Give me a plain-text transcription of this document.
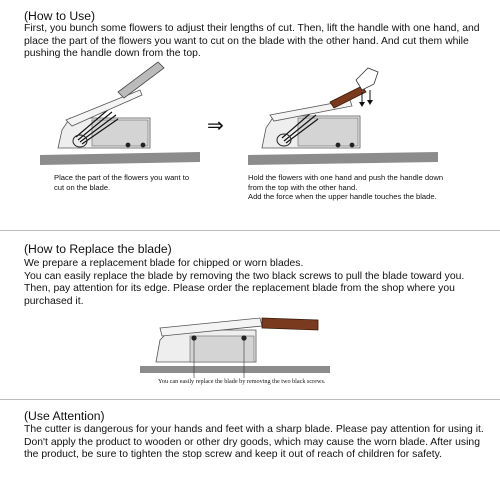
(How to Use)
First, you bunch some flowers to adjust their lengths of cut. Then, lift the handle with one hand, and place the part of the flowers you want to cut on the blade with the other hand. And cut them while pushing the handle down from the top.
⇒
Place the part of the flowers you want to cut on the blade.
Hold the flowers with one hand and push the handle down from the top with the other hand.
Add the force when the upper handle touches the blade.
(How to Replace the blade)
We prepare a replacement blade for chipped or worn blades.
You can easily replace the blade by removing the two black screws to pull the blade toward you. Then, pay attention for its edge. Please order the replacement blade from the shop where you purchased it.
You can easily replace the blade by removing the two black screws.
(Use Attention)
The cutter is dangerous for your hands and feet with a sharp blade. Please pay attention for using it.
Don't apply the product to wooden or other dry goods, which may cause the worn blade. After using the product, be sure to tighten the stop screw and keep it out of reach of children for safety.
